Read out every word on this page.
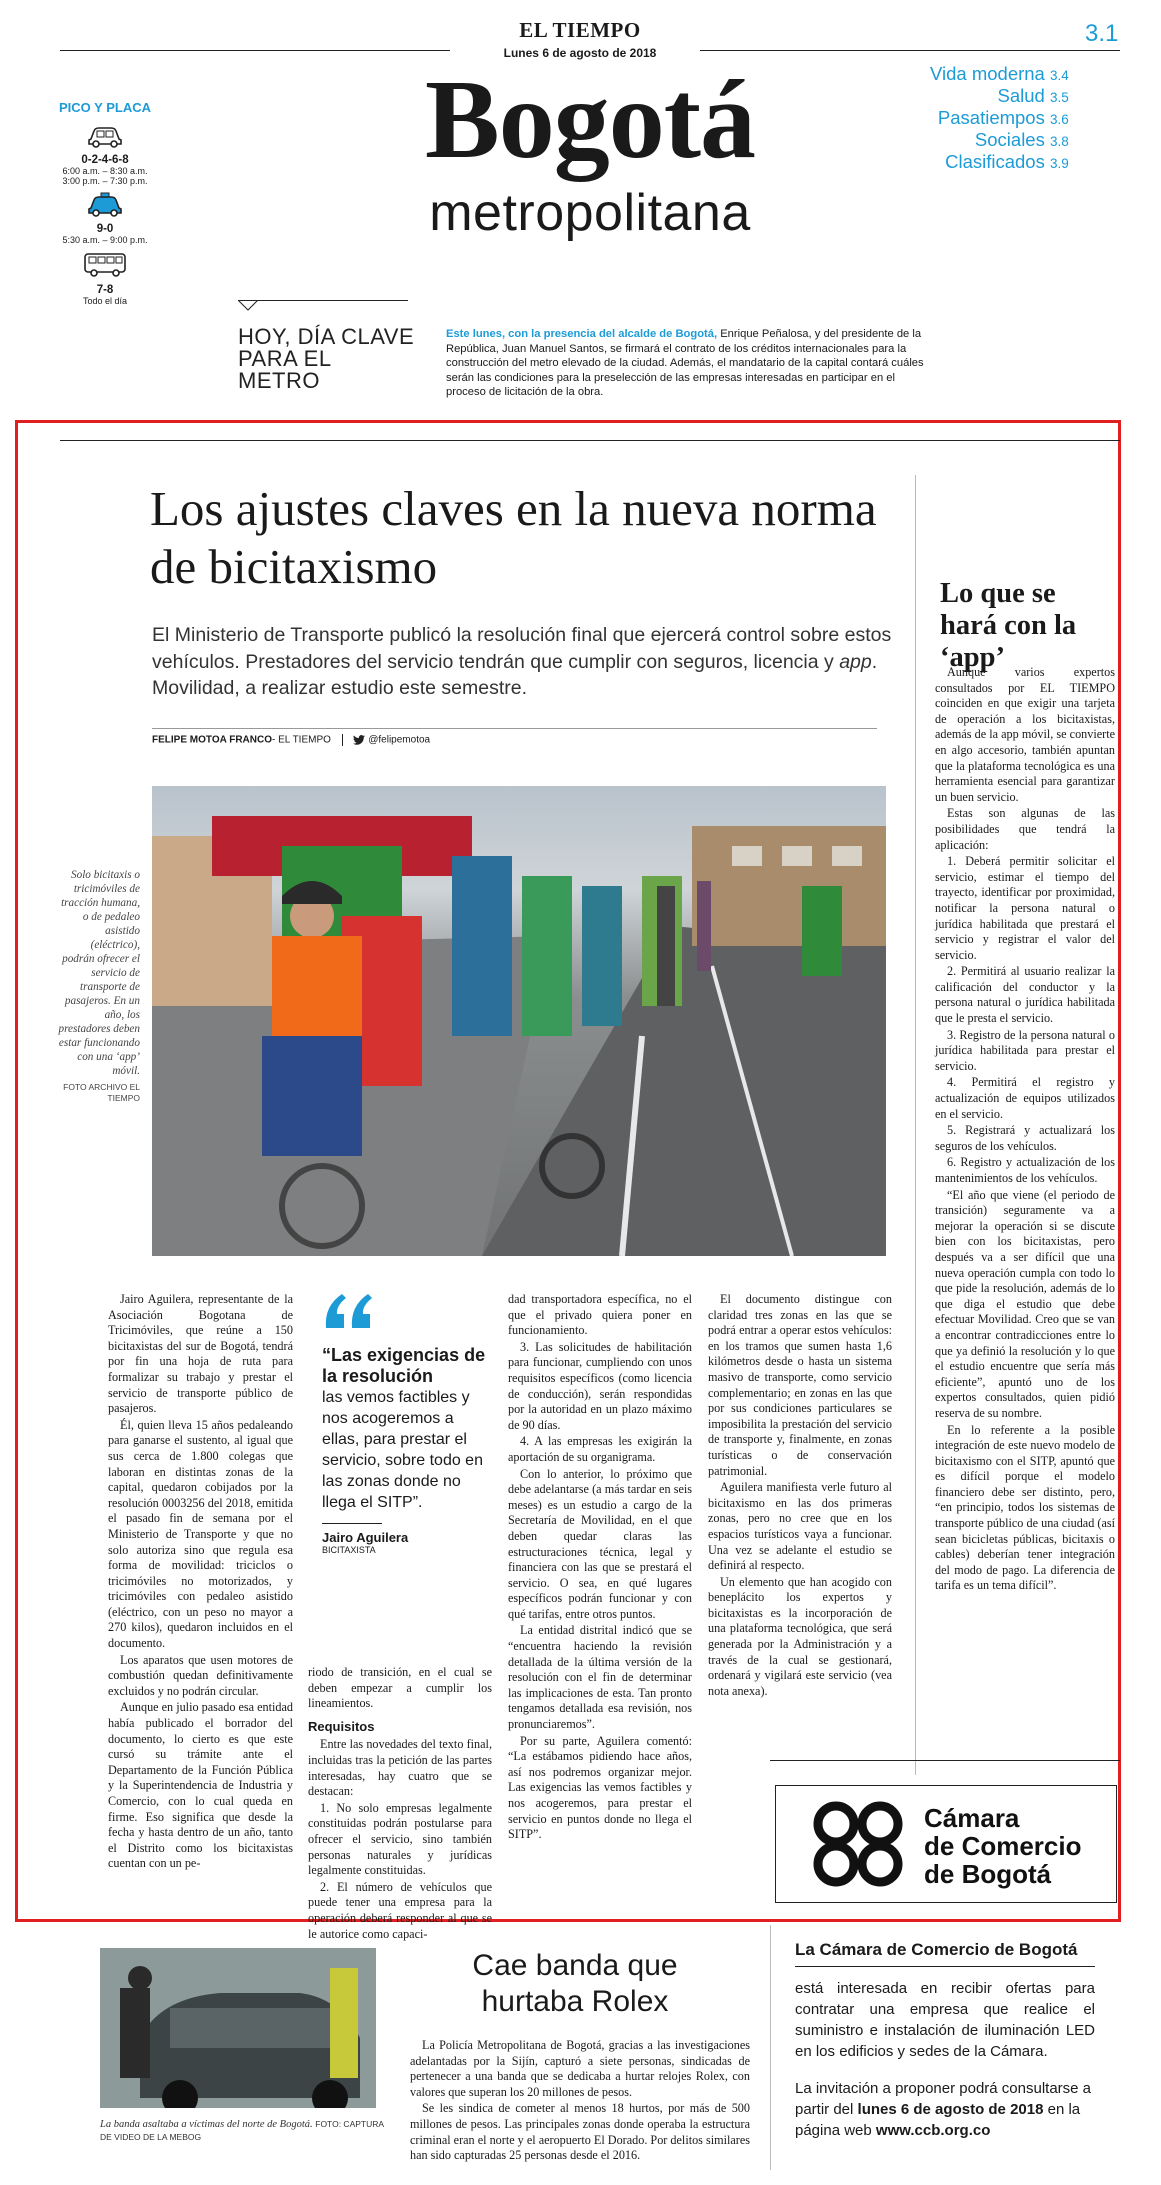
EL TIEMPO
Lunes 6 de agosto de 2018
3.1
Bogotá
metropolitana
Vida moderna 3.4
Salud 3.5
Pasatiempos 3.6
Sociales 3.8
Clasificados 3.9
PICO Y PLACA
0-2-4-6-8
6:00 a.m. – 8:30 a.m.
3:00 p.m. – 7:30 p.m.
9-0
5:30 a.m. – 9:00 p.m.
7-8
Todo el día
HOY, DÍA CLAVE PARA EL METRO
Este lunes, con la presencia del alcalde de Bogotá, Enrique Peñalosa, y del presidente de la República, Juan Manuel Santos, se firmará el contrato de los créditos internacionales para la construcción del metro elevado de la ciudad. Además, el mandatario de la capital contará cuáles serán las condiciones para la preselección de las empresas interesadas en participar en el proceso de licitación de la obra.
Los ajustes claves en la nueva norma de bicitaxismo
El Ministerio de Transporte publicó la resolución final que ejercerá control sobre estos vehículos. Prestadores del servicio tendrán que cumplir con seguros, licencia y app. Movilidad, a realizar estudio este semestre.
FELIPE MOTOA FRANCO- EL TIEMPO	@felipemotoa
Solo bicitaxis o tricimóviles de tracción humana, o de pedaleo asistido (eléctrico), podrán ofrecer el servicio de transporte de pasajeros. En un año, los prestadores deben estar funcionando con una ‘app’ móvil.
FOTO ARCHIVO EL TIEMPO

Jairo Aguilera, representante de la Asociación Bogotana de Tricimóviles, que reúne a 150 bicitaxistas del sur de Bogotá, tendrá por fin una hoja de ruta para formalizar su trabajo y prestar el servicio de transporte público de pasajeros.

Él, quien lleva 15 años pedaleando para ganarse el sustento, al igual que sus cerca de 1.800 colegas que laboran en distintas zonas de la capital, quedaron cobijados por la resolución 0003256 del 2018, emitida el pasado fin de semana por el Ministerio de Transporte y que no solo autoriza sino que regula esa forma de movilidad: triciclos o tricimóviles no motorizados, y tricimóviles con pedaleo asistido (eléctrico, con un peso no mayor a 270 kilos), quedaron incluidos en el documento.

Los aparatos que usen motores de combustión quedan definitivamente excluidos y no podrán circular.

Aunque en julio pasado esa entidad había publicado el borrador del documento, lo cierto es que este cursó su trámite ante el Departamento de la Función Pública y la Superintendencia de Industria y Comercio, con lo cual queda en firme. Eso significa que desde la fecha y hasta dentro de un año, tanto el Distrito como los bicitaxistas cuentan con un pe-

“Las exigencias de la resolución
las vemos factibles y nos acogeremos a ellas, para prestar el servicio, sobre todo en las zonas donde no llega el SITP”.
Jairo Aguilera
BICITAXISTA

riodo de transición, en el cual se deben empezar a cumplir los lineamientos.

Requisitos

Entre las novedades del texto final, incluidas tras la petición de las partes interesadas, hay cuatro que se destacan:

1. No solo empresas legalmente constituidas podrán postularse para ofrecer el servicio, sino también personas naturales y jurídicas legalmente constituidas.

2. El número de vehículos que puede tener una empresa para la operación deberá responder al que se le autorice como capaci-

dad transportadora específica, no el que el privado quiera poner en funcionamiento.

3. Las solicitudes de habilitación para funcionar, cumpliendo con unos requisitos específicos (como licencia de conducción), serán respondidas por la autoridad en un plazo máximo de 90 días.

4. A las empresas les exigirán la aportación de su organigrama.

Con lo anterior, lo próximo que debe adelantarse (a más tardar en seis meses) es un estudio a cargo de la Secretaría de Movilidad, en el que deben quedar claras las estructuraciones técnica, legal y financiera con las que se prestará el servicio. O sea, en qué lugares específicos podrán funcionar y con qué tarifas, entre otros puntos.

La entidad distrital indicó que se “encuentra haciendo la revisión detallada de la última versión de la resolución con el fin de determinar las implicaciones de esta. Tan pronto tengamos detallada esa revisión, nos pronunciaremos”.

Por su parte, Aguilera comentó: “La estábamos pidiendo hace años, así nos podremos organizar mejor. Las exigencias las vemos factibles y nos acogeremos, para prestar el servicio en puntos donde no llega el SITP”.

El documento distingue con claridad tres zonas en las que se podrá entrar a operar estos vehículos: en los tramos que sumen hasta 1,6 kilómetros desde o hasta un sistema masivo de transporte, como servicio complementario; en zonas en las que por sus condiciones particulares se imposibilita la prestación del servicio de transporte y, finalmente, en zonas turísticas o de conservación patrimonial.

Aguilera manifiesta verle futuro al bicitaxismo en las dos primeras zonas, pero no cree que en los espacios turísticos vaya a funcionar. Una vez se adelante el estudio se definirá al respecto.

Un elemento que han acogido con beneplácito los expertos y bicitaxistas es la incorporación de una plataforma tecnológica, que será generada por la Administración y a través de la cual se gestionará, ordenará y vigilará este servicio (vea nota anexa).

Lo que se hará con la ‘app’

Aunque varios expertos consultados por EL TIEMPO coinciden en que exigir una tarjeta de operación a los bicitaxistas, además de la app móvil, se convierte en algo accesorio, también apuntan que la plataforma tecnológica es una herramienta esencial para garantizar un buen servicio.

Estas son algunas de las posibilidades que tendrá la aplicación:

1. Deberá permitir solicitar el servicio, estimar el tiempo del trayecto, identificar por proximidad, notificar la persona natural o jurídica habilitada que prestará el servicio y registrar el valor del servicio.

2. Permitirá al usuario realizar la calificación del conductor y la persona natural o jurídica habilitada que le presta el servicio.

3. Registro de la persona natural o jurídica habilitada para prestar el servicio.

4. Permitirá el registro y actualización de equipos utilizados en el servicio.

5. Registrará y actualizará los seguros de los vehículos.

6. Registro y actualización de los mantenimientos de los vehículos.

“El año que viene (el periodo de transición) seguramente va a mejorar la operación si se discute bien con los bicitaxistas, pero después va a ser difícil que una nueva operación cumpla con todo lo que pide la resolución, además de lo que diga el estudio que debe efectuar Movilidad. Creo que se van a encontrar contradicciones entre lo que ya definió la resolución y lo que el estudio encuentre que sería más eficiente”, apuntó uno de los expertos consultados, quien pidió reserva de su nombre.

En lo referente a la posible integración de este nuevo modelo de bicitaxismo con el SITP, apuntó que es difícil porque el modelo financiero debe ser distinto, pero, “en principio, todos los sistemas de transporte público de una ciudad (así sean bicicletas públicas, bicitaxis o cables) deberían tener integración del modo de pago. La diferencia de tarifa es un tema difícil”.

Cámara
de Comercio
de Bogotá
La Cámara de Comercio de Bogotá
está interesada en recibir ofertas para contratar una empresa que realice el suministro e instalación de iluminación LED en los edificios y sedes de la Cámara.
La invitación a proponer podrá consultarse a partir del lunes 6 de agosto de 2018 en la página web www.ccb.org.co
La banda asaltaba a víctimas del norte de Bogotá. FOTO: CAPTURA DE VIDEO DE LA MEBOG
Cae banda que hurtaba Rolex

La Policía Metropolitana de Bogotá, gracias a las investigaciones adelantadas por la Sijín, capturó a siete personas, sindicadas de pertenecer a una banda que se dedicaba a hurtar relojes Rolex, con valores que superan los 20 millones de pesos.

Se les sindica de cometer al menos 18 hurtos, por más de 500 millones de pesos. Las principales zonas donde operaba la estructura criminal eran el norte y el aeropuerto El Dorado. Por delitos similares han sido capturadas 25 personas desde el 2016.
